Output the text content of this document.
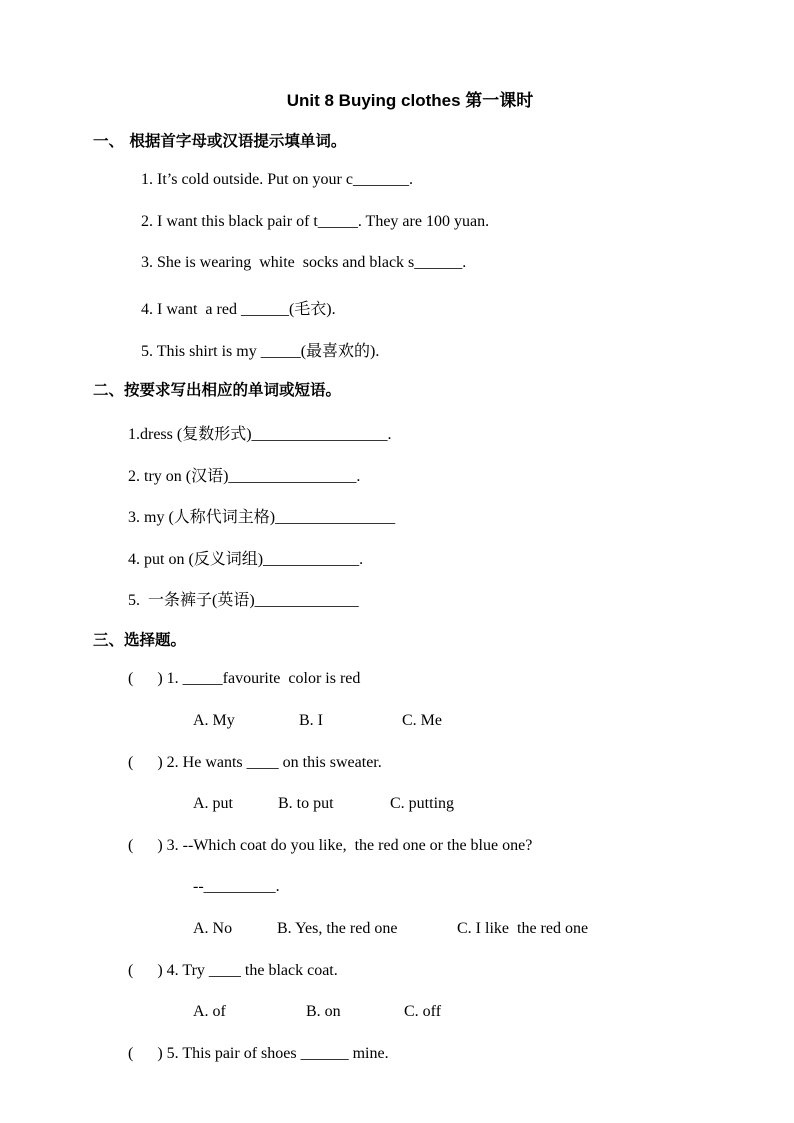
Unit 8 Buying clothes 第一课时
一、 根据首字母或汉语提示填单词。
1. It’s cold outside. Put on your c_______.
2. I want this black pair of t_____. They are 100 yuan.
3. She is wearing  white  socks and black s______.
4. I want  a red ______(毛衣).
5. This shirt is my _____(最喜欢的).
二、按要求写出相应的单词或短语。
1.dress (复数形式)_________________.
2. try on (汉语)________________.
3. my (人称代词主格)_______________
4. put on (反义词组)____________.
5.  一条裤子(英语)_____________
三、选择题。
(      ) 1. _____favourite  color is red
A. My	B. I	C. Me
(      ) 2. He wants ____ on this sweater.
A. put	B. to put	C. putting
(      ) 3. --Which coat do you like,  the red one or the blue one?
--_________.
A. No	B. Yes, the red one	C. I like  the red one
(      ) 4. Try ____ the black coat.
A. of	B. on	C. off
(      ) 5. This pair of shoes ______ mine.
